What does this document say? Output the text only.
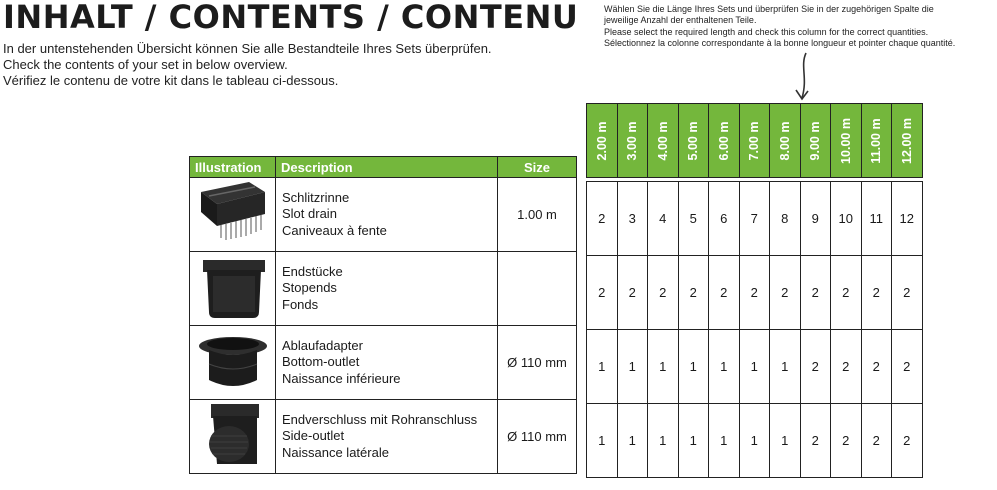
INHALT / CONTENTS / CONTENU
In der untenstehenden Übersicht können Sie alle Bestandteile Ihres Sets überprüfen.
Check the contents of your set in below overview.
Vérifiez le contenu de votre kit dans le tableau ci-dessous.
Wählen Sie die Länge Ihres Sets und überprüfen Sie in der zugehörigen Spalte die
jeweilige Anzahl der enthaltenen Teile.
Please select the required length and check this column for the correct quantities.
Sélectionnez la colonne correspondante à la bonne longueur et pointer chaque quantité.
Illustration	Description	Size

Schlitzrinne
Slot drain
Caniveaux à fente	1.00 m

Endstücke
Stopends
Fonds	

Ablaufadapter
Bottom-outlet
Naissance inférieure	Ø 110 mm

Endverschluss mit Rohranschluss
Side-outlet
Naissance latérale	Ø 110 mm
2.00 m	3.00 m	4.00 m	5.00 m	6.00 m	7.00 m	8.00 m	9.00 m	10.00 m	11.00 m	12.00 m

2	3	4	5	6	7	8	9	10	11	12
2	2	2	2	2	2	2	2	2	2	2
1	1	1	1	1	1	1	2	2	2	2
1	1	1	1	1	1	1	2	2	2	2
